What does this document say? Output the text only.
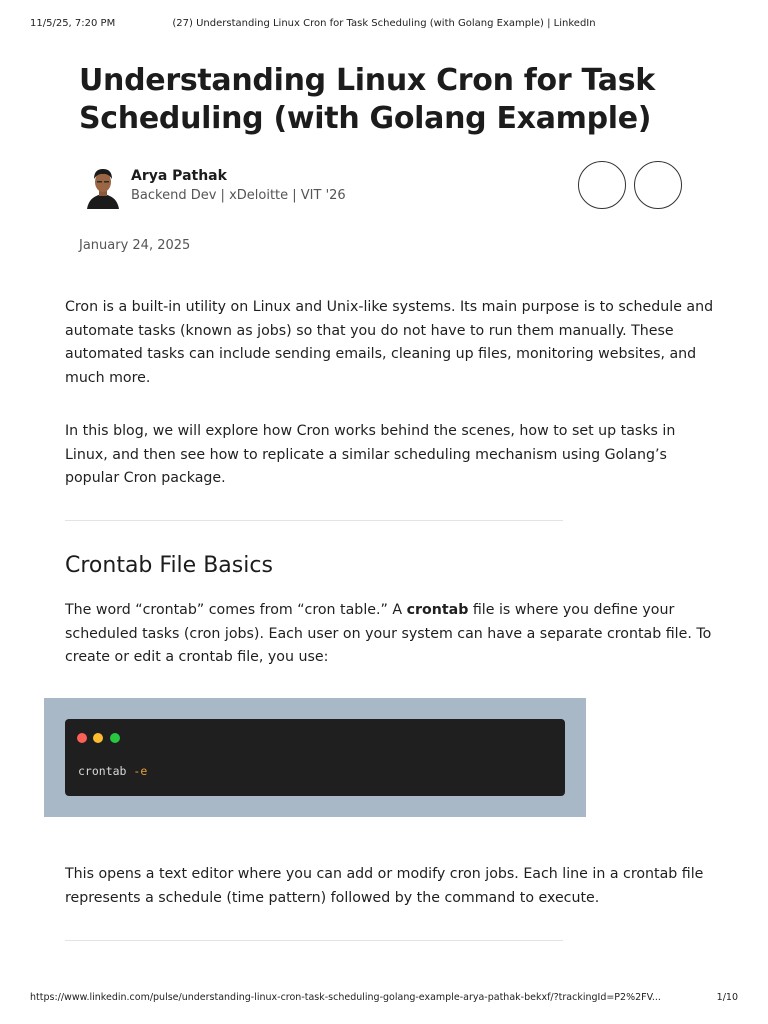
11/5/25, 7:20 PM	(27) Understanding Linux Cron for Task Scheduling (with Golang Example) | LinkedIn
Understanding Linux Cron for Task Scheduling (with Golang Example)
Arya Pathak
Backend Dev | xDeloitte | VIT '26
January 24, 2025

Cron is a built-in utility on Linux and Unix-like systems. Its main purpose is to schedule and automate tasks (known as jobs) so that you do not have to run them manually. These automated tasks can include sending emails, cleaning up files, monitoring websites, and much more.

In this blog, we will explore how Cron works behind the scenes, how to set up tasks in Linux, and then see how to replicate a similar scheduling mechanism using Golang’s popular Cron package.

Crontab File Basics

The word “crontab” comes from “cron table.” A crontab file is where you define your scheduled tasks (cron jobs). Each user on your system can have a separate crontab file. To create or edit a crontab file, you use:

crontab -e

This opens a text editor where you can add or modify cron jobs. Each line in a crontab file represents a schedule (time pattern) followed by the command to execute.

https://www.linkedin.com/pulse/understanding-linux-cron-task-scheduling-golang-example-arya-pathak-bekxf/?trackingId=P2%2FV...	1/10
